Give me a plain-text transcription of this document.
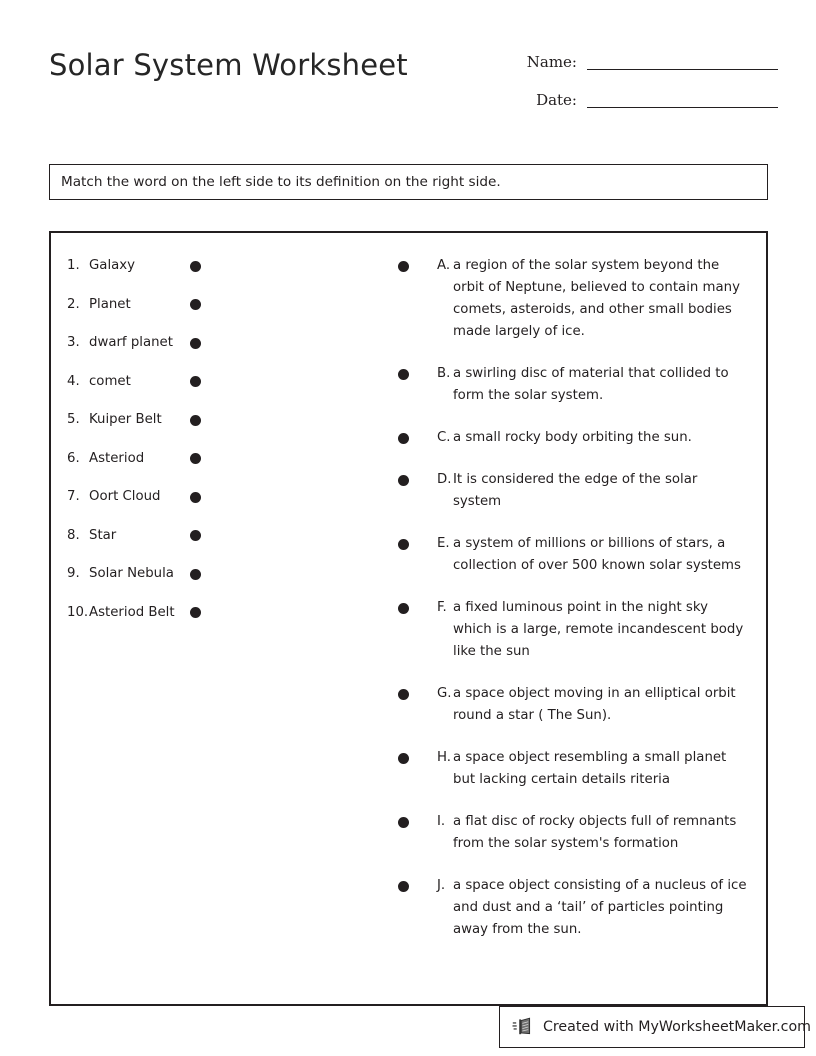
Solar System Worksheet	Name:
Date:
Match the word on the left side to its definition on the right side.
1. Galaxy
2. Planet
3. dwarf planet
4. comet
5. Kuiper Belt
6. Asteriod
7. Oort Cloud
8. Star
9. Solar Nebula
10. Asteriod Belt
A. a region of the solar system beyond the orbit of Neptune, believed to contain many comets, asteroids, and other small bodies made largely of ice.
B. a swirling disc of material that collided to form the solar system.
C. a small rocky body orbiting the sun.
D. It is considered the edge of the solar system
E. a system of millions or billions of stars, a collection of over 500 known solar systems
F. a fixed luminous point in the night sky which is a large, remote incandescent body like the sun
G. a space object moving in an elliptical orbit round a star ( The Sun).
H. a space object resembling a small planet but lacking certain details riteria
I. a flat disc of rocky objects full of remnants from the solar system's formation
J. a space object consisting of a nucleus of ice and dust and a ‘tail’ of particles pointing away from the sun.
Created with MyWorksheetMaker.com
